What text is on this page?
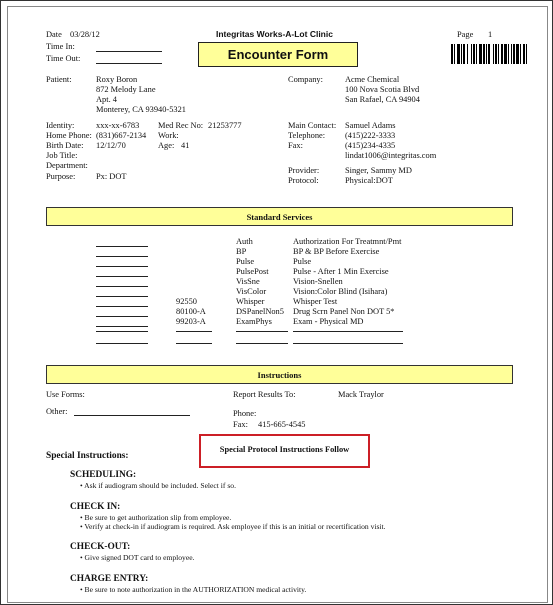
Date 03/28/12	Integritas Works-A-Lot Clinic	Page 1
Time In:
Time Out:	Encounter Form
Patient:	Roxy Boron
872 Melody Lane
Apt. 4
Monterey, CA 93940-5321
Identity:	xxx-xx-6783 Med Rec No: 21253777
Home Phone: (831)667-2134 Work:
Birth Date: 12/12/70	Age: 41
Job Title:
Department:
Purpose: Px: DOT
Company:	Acme Chemical
100 Nova Scotia Blvd
San Rafael, CA 94904
Main Contact: Samuel Adams
Telephone: (415)222-3333
Fax:	(415)234-4335
lindat1006@integritas.com
Provider:	Singer, Sammy MD
Protocol:	Physical:DOT
Standard Services
Auth	Authorization For Treatmnt/Pmt
BP	BP & BP Before Exercise
Pulse	Pulse
PulsePost	Pulse - After 1 Min Exercise
VisSne	Vision-Snellen
VisColor	Vision:Color Blind (Isihara)
92550	Whisper	Whisper Test
80100-A	DSPanelNon5 Drug Scrn Panel Non DOT 5*
99203-A	ExamPhys	Exam - Physical MD
Instructions
Use Forms:
Other:
Report Results To:	Mack Traylor
Phone:
Fax: 415-665-4545
Special Protocol Instructions Follow
Special Instructions:
SCHEDULING:
• Ask if audiogram should be included. Select if so.
CHECK IN:
• Be sure to get authorization slip from employee.
• Verify at check-in if audiogram is required. Ask employee if this is an initial or recertification visit.
CHECK-OUT:
• Give signed DOT card to employee.
CHARGE ENTRY:
• Be sure to note authorization in the AUTHORIZATION medical activity.
